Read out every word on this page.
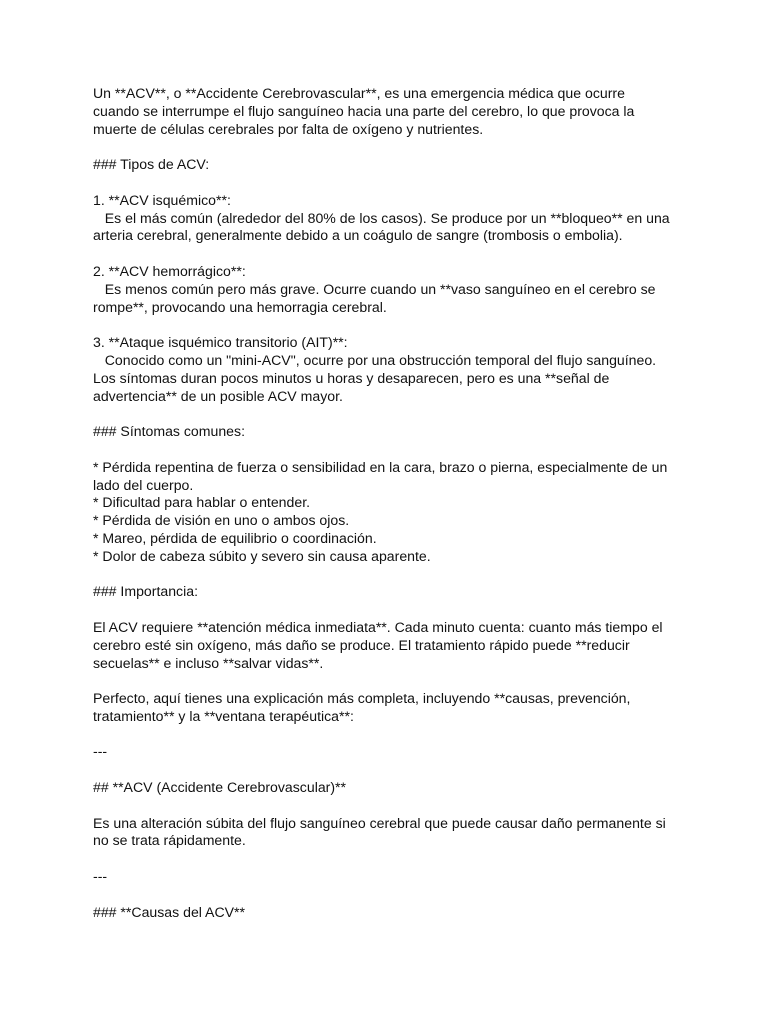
Un **ACV**, o **Accidente Cerebrovascular**, es una emergencia médica que ocurre
cuando se interrumpe el flujo sanguíneo hacia una parte del cerebro, lo que provoca la
muerte de células cerebrales por falta de oxígeno y nutrientes.
### Tipos de ACV:
1. **ACV isquémico**:
Es el más común (alrededor del 80% de los casos). Se produce por un **bloqueo** en una
arteria cerebral, generalmente debido a un coágulo de sangre (trombosis o embolia).
2. **ACV hemorrágico**:
Es menos común pero más grave. Ocurre cuando un **vaso sanguíneo en el cerebro se
rompe**, provocando una hemorragia cerebral.
3. **Ataque isquémico transitorio (AIT)**:
Conocido como un "mini-ACV", ocurre por una obstrucción temporal del flujo sanguíneo.
Los síntomas duran pocos minutos u horas y desaparecen, pero es una **señal de
advertencia** de un posible ACV mayor.
### Síntomas comunes:
* Pérdida repentina de fuerza o sensibilidad en la cara, brazo o pierna, especialmente de un
lado del cuerpo.
* Dificultad para hablar o entender.
* Pérdida de visión en uno o ambos ojos.
* Mareo, pérdida de equilibrio o coordinación.
* Dolor de cabeza súbito y severo sin causa aparente.
### Importancia:
El ACV requiere **atención médica inmediata**. Cada minuto cuenta: cuanto más tiempo el
cerebro esté sin oxígeno, más daño se produce. El tratamiento rápido puede **reducir
secuelas** e incluso **salvar vidas**.
Perfecto, aquí tienes una explicación más completa, incluyendo **causas, prevención,
tratamiento** y la **ventana terapéutica**:
---
## **ACV (Accidente Cerebrovascular)**
Es una alteración súbita del flujo sanguíneo cerebral que puede causar daño permanente si
no se trata rápidamente.
---
### **Causas del ACV**
